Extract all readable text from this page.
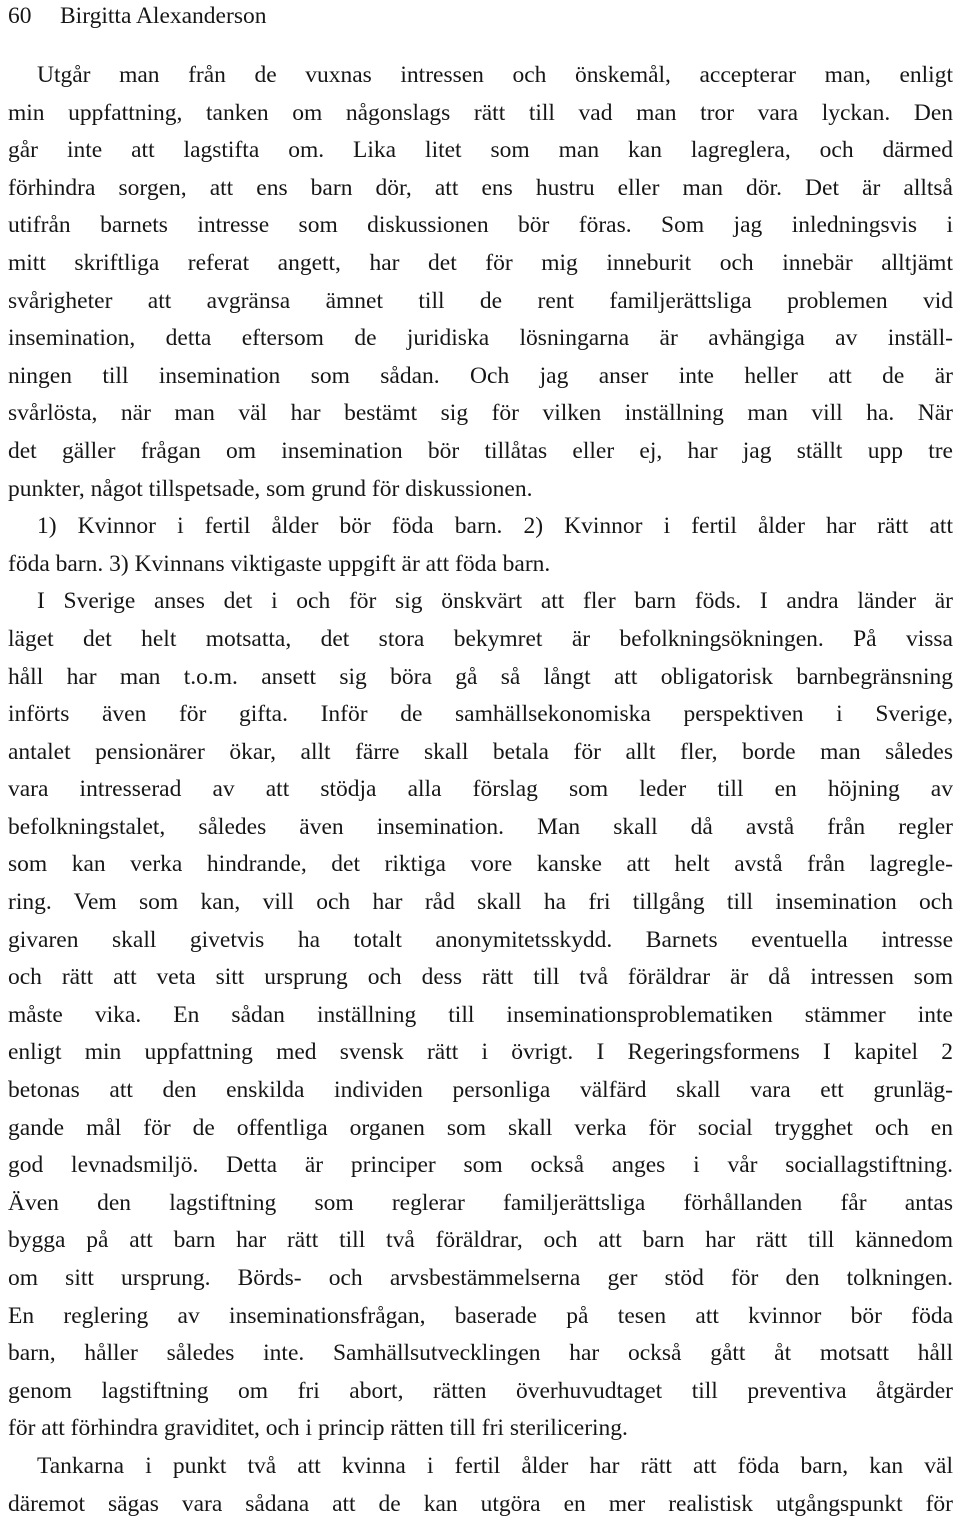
60 Birgitta Alexanderson
Utgår man från de vuxnas intressen och önskemål, accepterar man, enligt
min uppfattning, tanken om någonslags rätt till vad man tror vara lyckan. Den
går inte att lagstifta om. Lika litet som man kan lagreglera, och därmed
förhindra sorgen, att ens barn dör, att ens hustru eller man dör. Det är alltså
utifrån barnets intresse som diskussionen bör föras. Som jag inledningsvis i
mitt skriftliga referat angett, har det för mig inneburit och innebär alltjämt
svårigheter att avgränsa ämnet till de rent familjerättsliga problemen vid
insemination, detta eftersom de juridiska lösningarna är avhängiga av inställ-
ningen till insemination som sådan. Och jag anser inte heller att de är
svårlösta, när man väl har bestämt sig för vilken inställning man vill ha. När
det gäller frågan om insemination bör tillåtas eller ej, har jag ställt upp tre
punkter, något tillspetsade, som grund för diskussionen.
1) Kvinnor i fertil ålder bör föda barn. 2) Kvinnor i fertil ålder har rätt att
föda barn. 3) Kvinnans viktigaste uppgift är att föda barn.
I Sverige anses det i och för sig önskvärt att fler barn föds. I andra länder är
läget det helt motsatta, det stora bekymret är befolkningsökningen. På vissa
håll har man t.o.m. ansett sig böra gå så långt att obligatorisk barnbegränsning
införts även för gifta. Inför de samhällsekonomiska perspektiven i Sverige,
antalet pensionärer ökar, allt färre skall betala för allt fler, borde man således
vara intresserad av att stödja alla förslag som leder till en höjning av
befolkningstalet, således även insemination. Man skall då avstå från regler
som kan verka hindrande, det riktiga vore kanske att helt avstå från lagregle-
ring. Vem som kan, vill och har råd skall ha fri tillgång till insemination och
givaren skall givetvis ha totalt anonymitetsskydd. Barnets eventuella intresse
och rätt att veta sitt ursprung och dess rätt till två föräldrar är då intressen som
måste vika. En sådan inställning till inseminationsproblematiken stämmer inte
enligt min uppfattning med svensk rätt i övrigt. I Regeringsformens I kapitel 2
betonas att den enskilda individen personliga välfärd skall vara ett grunläg-
gande mål för de offentliga organen som skall verka för social trygghet och en
god levnadsmiljö. Detta är principer som också anges i vår sociallagstiftning.
Även den lagstiftning som reglerar familjerättsliga förhållanden får antas
bygga på att barn har rätt till två föräldrar, och att barn har rätt till kännedom
om sitt ursprung. Börds- och arvsbestämmelserna ger stöd för den tolkningen.
En reglering av inseminationsfrågan, baserade på tesen att kvinnor bör föda
barn, håller således inte. Samhällsutvecklingen har också gått åt motsatt håll
genom lagstiftning om fri abort, rätten överhuvudtaget till preventiva åtgärder
för att förhindra graviditet, och i princip rätten till fri sterilicering.
Tankarna i punkt två att kvinna i fertil ålder har rätt att föda barn, kan väl
däremot sägas vara sådana att de kan utgöra en mer realistisk utgångspunkt för
